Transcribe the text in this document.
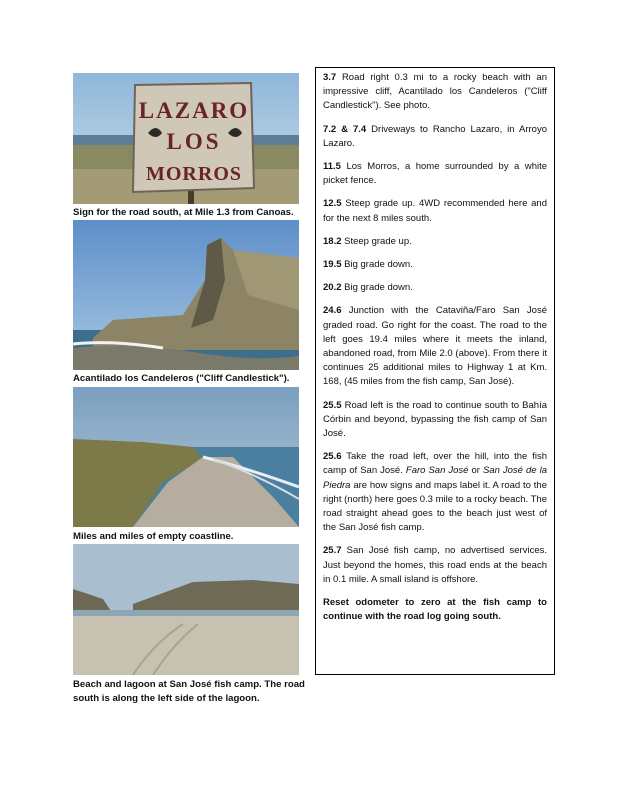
LAZARO
LOS
MORROS
Sign for the road south, at Mile 1.3 from Canoas.
Acantilado los Candeleros ("Cliff Candlestick").
Miles and miles of empty coastline.
Beach and lagoon at San José fish camp. The road south is along the left side of the lagoon.

3.7 Road right 0.3 mi to a rocky beach with an impressive cliff, Acantilado los Candeleros ("Cliff Candlestick"). See photo.

7.2 & 7.4 Driveways to Rancho Lazaro, in Arroyo Lazaro.

11.5 Los Morros, a home surrounded by a white picket fence.

12.5 Steep grade up. 4WD recommended here and for the next 8 miles south.

18.2 Steep grade up.

19.5 Big grade down.

20.2 Big grade down.

24.6 Junction with the Cataviña/Faro San José graded road. Go right for the coast. The road to the left goes 19.4 miles where it meets the inland, abandoned road, from Mile 2.0 (above). From there it continues 25 additional miles to Highway 1 at Km. 168, (45 miles from the fish camp, San José).

25.5 Road left is the road to continue south to Bahía Córbin and beyond, bypassing the fish camp of San José.

25.6 Take the road left, over the hill, into the fish camp of San José. Faro San José or San José de la Piedra are how signs and maps label it. A road to the right (north) here goes 0.3 mile to a rocky beach. The road straight ahead goes to the beach just west of the San José fish camp.

25.7 San José fish camp, no advertised services. Just beyond the homes, this road ends at the beach in 0.1 mile. A small island is offshore.

Reset odometer to zero at the fish camp to continue with the road log going south.
